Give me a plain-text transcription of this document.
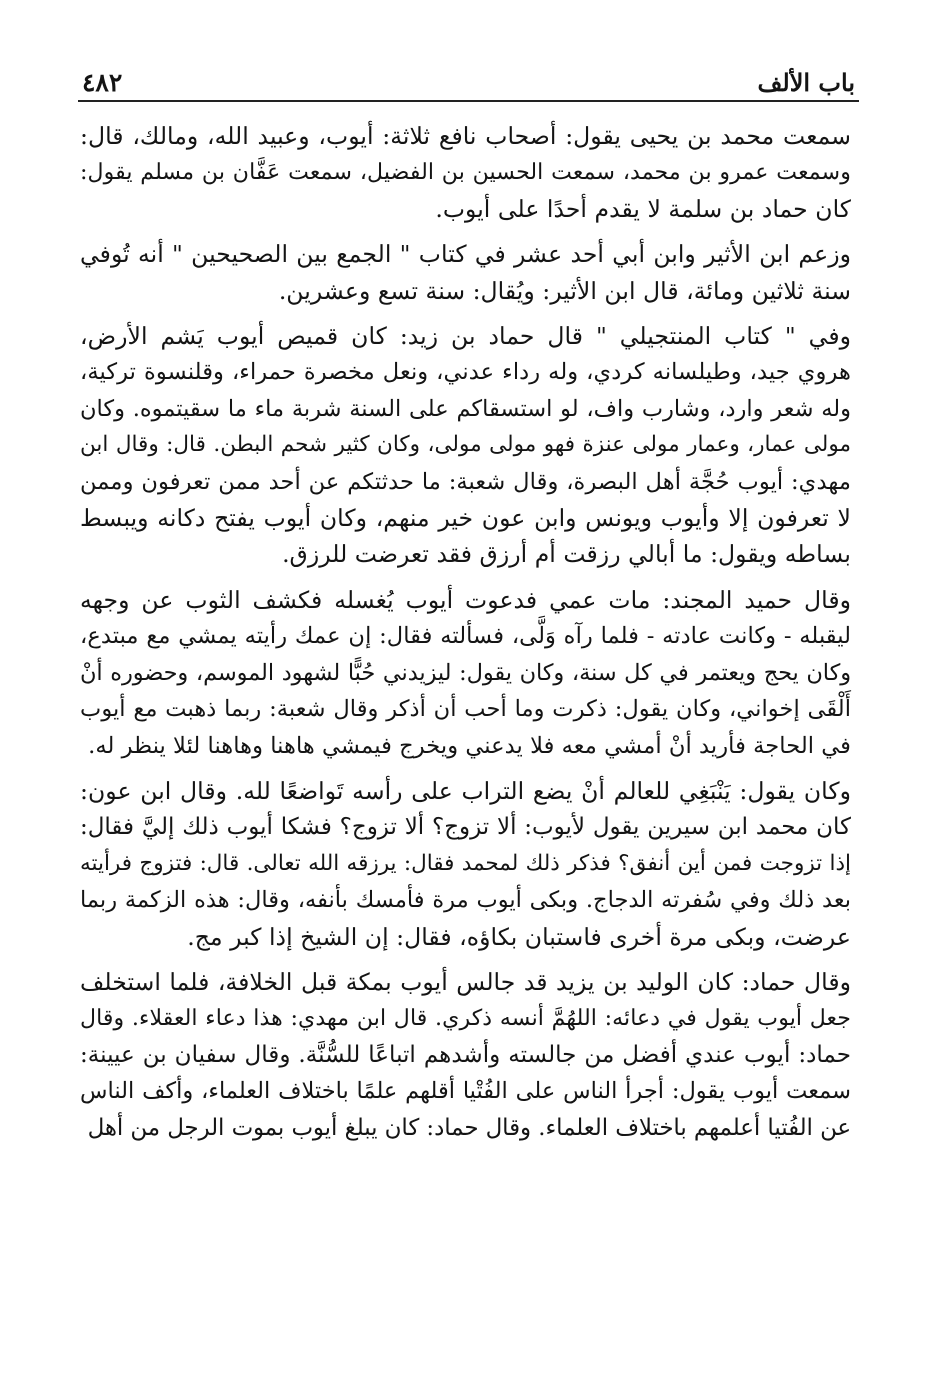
٤٨٢	باب الألف

سمعت محمد بن يحيى يقول: أصحاب نافع ثلاثة: أيوب، وعبيد الله، ومالك، قال:
وسمعت عمرو بن محمد، سمعت الحسين بن الفضيل، سمعت عَفَّان بن مسلم يقول:
كان حماد بن سلمة لا يقدم أحدًا على أيوب.

وزعم ابن الأثير وابن أبي أحد عشر في كتاب " الجمع بين الصحيحين " أنه تُوفي
سنة ثلاثين ومائة، قال ابن الأثير: ويُقال: سنة تسع وعشرين.

وفي " كتاب المنتجيلي " قال حماد بن زيد: كان قميص أيوب يَشم الأرض،
هروي جيد، وطيلسانه كردي، وله رداء عدني، ونعل مخصرة حمراء، وقلنسوة تركية،
وله شعر وارد، وشارب واف، لو استسقاكم على السنة شربة ماء ما سقيتموه. وكان
مولى عمار، وعمار مولى عنزة فهو مولى مولى، وكان كثير شحم البطن. قال: وقال ابن
مهدي: أيوب حُجَّة أهل البصرة، وقال شعبة: ما حدثتكم عن أحد ممن تعرفون وممن
لا تعرفون إلا وأيوب ويونس وابن عون خير منهم، وكان أيوب يفتح دكانه ويبسط
بساطه ويقول: ما أبالي رزقت أم أرزق فقد تعرضت للرزق.

وقال حميد المجند: مات عمي فدعوت أيوب يُغسله فكشف الثوب عن وجهه
ليقبله - وكانت عادته - فلما رآه وَلَّى، فسألته فقال: إن عمك رأيته يمشي مع مبتدع،
وكان يحج ويعتمر في كل سنة، وكان يقول: ليزيدني حُبًّا لشهود الموسم، وحضوره أنْ
أَلْقَى إخواني، وكان يقول: ذكرت وما أحب أن أذكر وقال شعبة: ربما ذهبت مع أيوب
في الحاجة فأريد أنْ أمشي معه فلا يدعني ويخرج فيمشي هاهنا وهاهنا لئلا ينظر له.

وكان يقول: يَنْبَغِي للعالم أنْ يضع التراب على رأسه تَواضعًا لله. وقال ابن عون:
كان محمد ابن سيرين يقول لأيوب: ألا تزوج؟ ألا تزوج؟ فشكا أيوب ذلك إليَّ فقال:
إذا تزوجت فمن أين أنفق؟ فذكر ذلك لمحمد فقال: يرزقه الله تعالى. قال: فتزوج فرأيته
بعد ذلك وفي سُفرته الدجاج. وبكى أيوب مرة فأمسك بأنفه، وقال: هذه الزكمة ربما
عرضت، وبكى مرة أخرى فاستبان بكاؤه، فقال: إن الشيخ إذا كبر مج.

وقال حماد: كان الوليد بن يزيد قد جالس أيوب بمكة قبل الخلافة، فلما استخلف
جعل أيوب يقول في دعائه: اللهُمَّ أنسه ذكري. قال ابن مهدي: هذا دعاء العقلاء. وقال
حماد: أيوب عندي أفضل من جالسته وأشدهم اتباعًا للسُّنَّة. وقال سفيان بن عيينة:
سمعت أيوب يقول: أجرأ الناس على الفُتْيا أقلهم علمًا باختلاف العلماء، وأكف الناس
عن الفُتيا أعلمهم باختلاف العلماء. وقال حماد: كان يبلغ أيوب بموت الرجل من أهل
